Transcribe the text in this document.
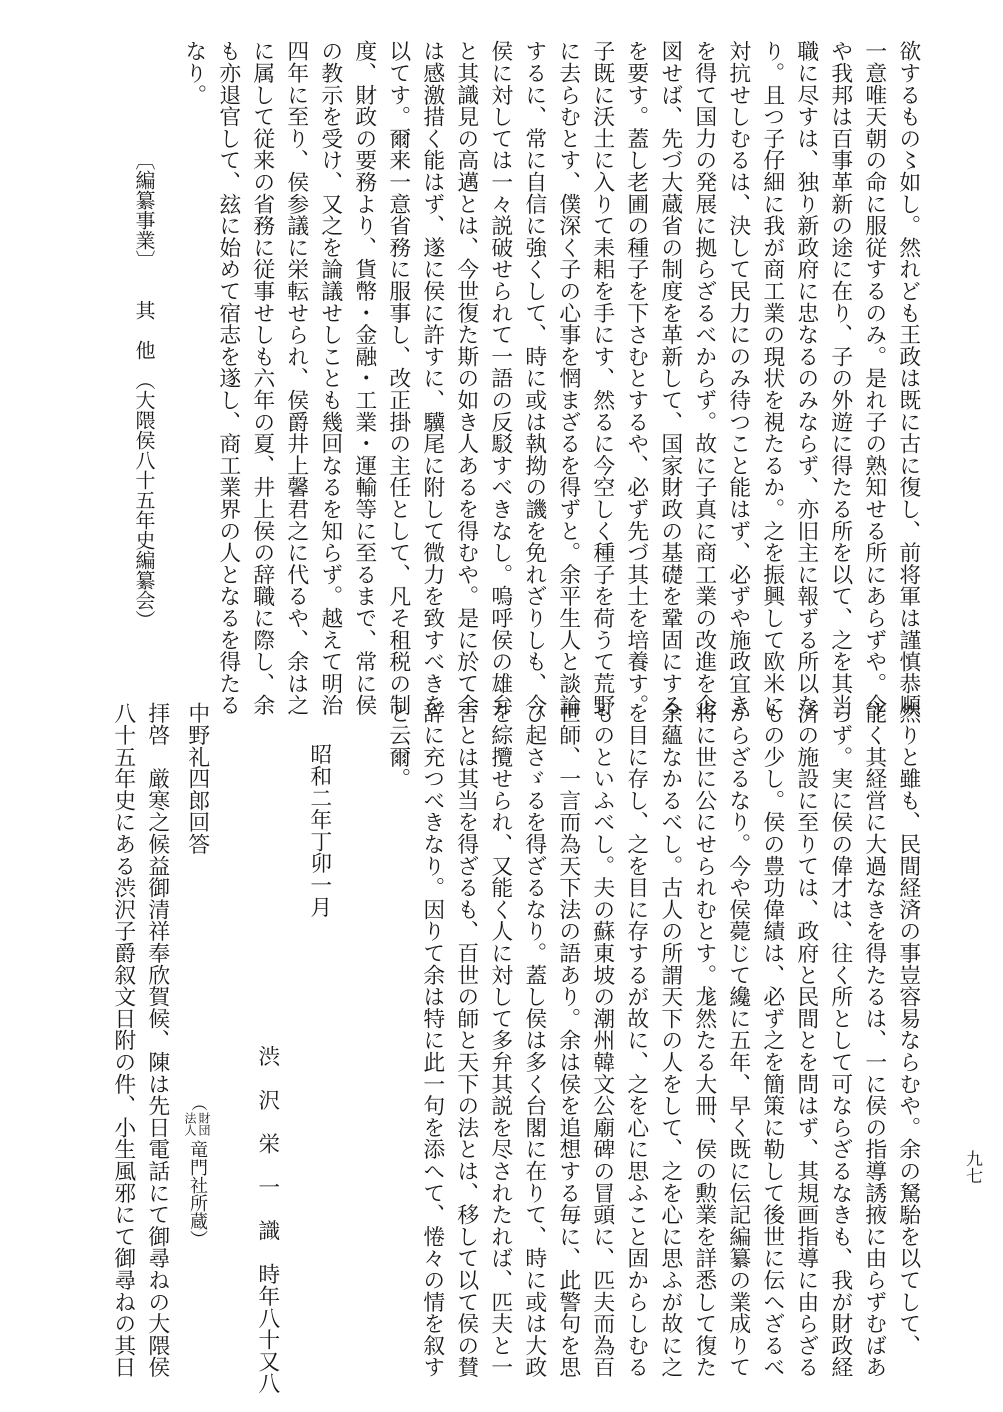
欲するもの〻如し。然れども王政は既に古に復し、前将軍は謹慎恭順
一意唯天朝の命に服従するのみ。是れ子の熟知せる所にあらずや。今
や我邦は百事革新の途に在り、子の外遊に得たる所を以て、之を其当
職に尽すは、独り新政府に忠なるのみならず、亦旧主に報ずる所以な
り。且つ子仔細に我が商工業の現状を視たるか。之を振興して欧米に
対抗せしむるは、決して民力にのみ待つこと能はず、必ずや施政宜き
を得て国力の発展に拠らざるべからず。故に子真に商工業の改進を企
図せば、先づ大蔵省の制度を革新して、国家財政の基礎を鞏固にする
を要す。蓋し老圃の種子を下さむとするや、必ず先づ其土を培養す。
子既に沃土に入りて耒耜を手にす、然るに今空しく種子を荷うて荒野
に去らむとす、僕深く子の心事を惘まざるを得ずと。余平生人と談論
するに、常に自信に強くして、時に或は執拗の譏を免れざりしも、今
侯に対しては一々説破せられて一語の反駁すべきなし。嗚呼侯の雄弁
と其識見の高邁とは、今世復た斯の如き人あるを得むや。是に於て余
は感激措く能はず、遂に侯に許すに、驥尾に附して微力を致すべきを
以てす。爾来一意省務に服事し、改正掛の主任として、凡そ租税の制
度、財政の要務より、貨幣・金融・工業・運輸等に至るまで、常に侯
の教示を受け、又之を論議せしことも幾回なるを知らず。越えて明治
四年に至り、侯参議に栄転せられ、侯爵井上馨君之に代るや、余は之
に属して従来の省務に従事せしも六年の夏、井上侯の辞職に際し、余
も亦退官して、玆に始めて宿志を遂し、商工業界の人となるを得たる
なり。
〔編纂事業〕　　其　他　（大隈侯八十五年史編纂会）
然りと雖も、民間経済の事豈容易ならむや。余の駑駘を以てして、
能く其経営に大過なきを得たるは、一に侯の指導誘掖に由らずむばあ
らず。実に侯の偉才は、往く所として可ならざるなきも、我が財政経
済の施設に至りては、政府と民間とを問はず、其規画指導に由らざる
もの少し。侯の豊功偉績は、必ず之を簡策に勒して後世に伝へざるべ
からざるなり。今や侯薨じて纔に五年、早く既に伝記編纂の業成りて
将に世に公にせられむとす。尨然たる大冊、侯の勲業を詳悉して復た
余蘊なかるべし。古人の所謂天下の人をして、之を心に思ふが故に之
を目に存し、之を目に存するが故に、之を心に思ふこと固からしむる
ものといふべし。夫の蘇東坡の潮州韓文公廟碑の冒頭に、匹夫而為百
世師、一言而為天下法の語あり。余は侯を追想する毎に、此警句を思
ひ起さゞるを得ざるなり。蓋し侯は多く台閣に在りて、時に或は大政
を綜攬せられ、又能く人に対して多弁其説を尽されたれば、匹夫と一
言とは其当を得ざるも、百世の師と天下の法とは、移して以て侯の賛
辞に充つべきなり。因りて余は特に此一句を添へて、惓々の情を叙す
と云爾。
昭和二年丁卯一月
渋　沢　栄　一　識　時年八十又八
（
財団
法人
竜門社所蔵）
中野礼四郎回答
拝啓　厳寒之候益御清祥奉欣賀候、陳は先日電話にて御尋ねの大隈侯
八十五年史にある渋沢子爵叙文日附の件、小生風邪にて御尋ねの其日	九七
